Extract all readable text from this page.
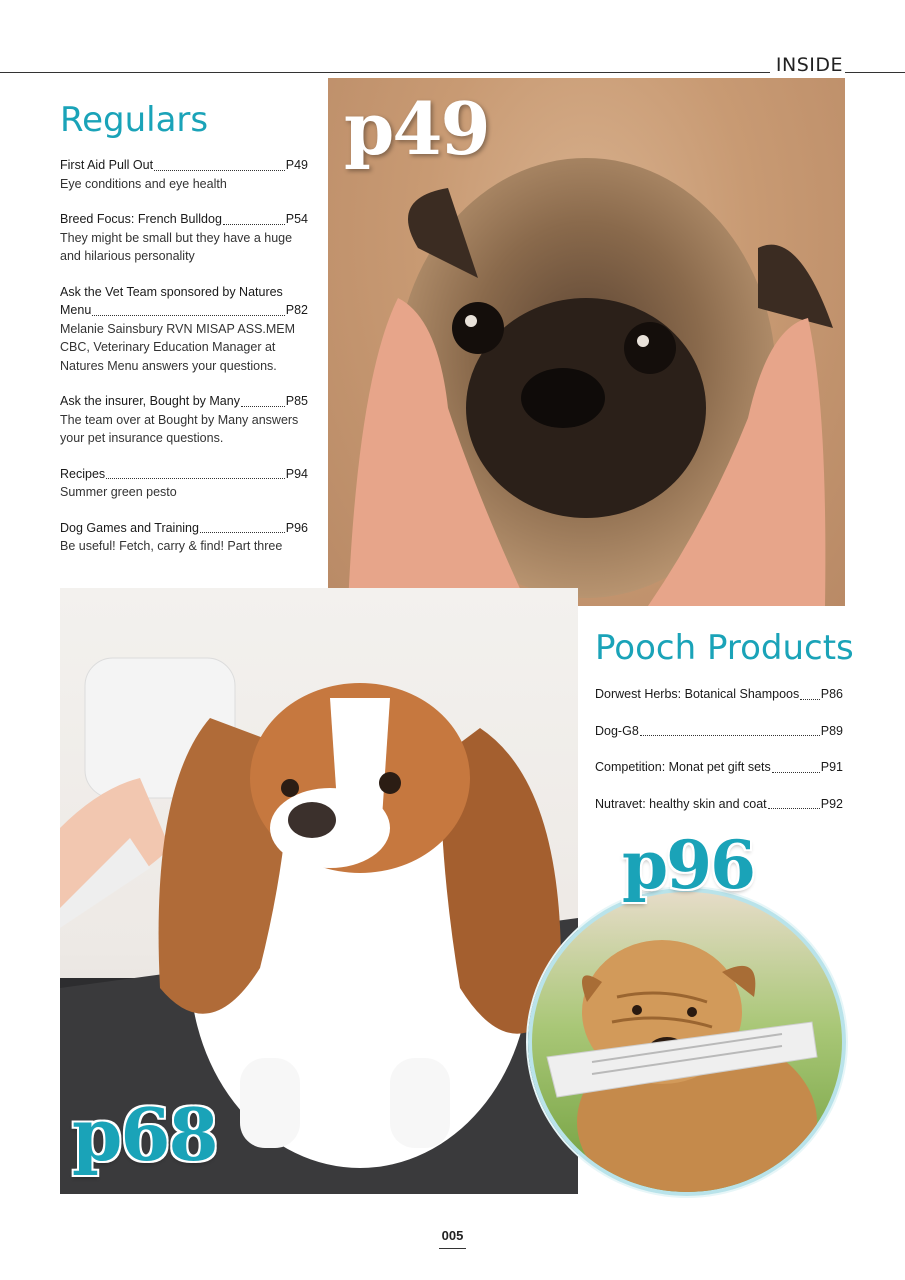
INSIDE
Regulars
First Aid Pull Out	P49
Eye conditions and eye health
Breed Focus: French Bulldog	P54
They might be small but they have a huge and hilarious personality
Ask the Vet Team sponsored by Natures
Menu	P82
Melanie Sainsbury RVN MISAP ASS.MEM CBC, Veterinary Education Manager at Natures Menu answers your questions.
Ask the insurer, Bought by Many	P85
The team over at Bought by Many answers your pet insurance questions.
Recipes	P94
Summer green pesto
Dog Games and Training	P96
Be useful! Fetch, carry & find! Part three
p49
p68
Pooch Products
Dorwest Herbs: Botanical Shampoos P86
Dog-G8	P89
Competition: Monat pet gift sets	P91
Nutravet: healthy skin and coat	P92
p96
005
